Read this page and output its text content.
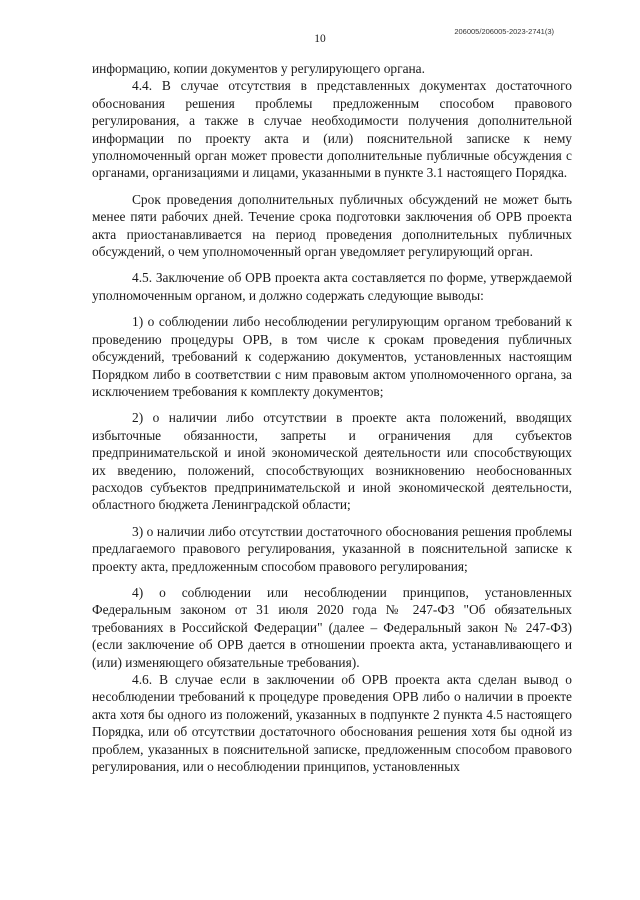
206005/206005-2023-2741(3)
10

информацию, копии документов у регулирующего органа.

4.4. В случае отсутствия в представленных документах достаточного обоснования решения проблемы предложенным способом правового регулирования, а также в случае необходимости получения дополнительной информации по проекту акта и (или) пояснительной записке к нему уполномоченный орган может провести дополнительные публичные обсуждения с органами, организациями и лицами, указанными в пункте 3.1 настоящего Порядка.

Срок проведения дополнительных публичных обсуждений не может быть менее пяти рабочих дней. Течение срока подготовки заключения об ОРВ проекта акта приостанавливается на период проведения дополнительных публичных обсуждений, о чем уполномоченный орган уведомляет регулирующий орган.

4.5. Заключение об ОРВ проекта акта составляется по форме, утверждаемой уполномоченным органом, и должно содержать следующие выводы:

1) о соблюдении либо несоблюдении регулирующим органом требований к проведению процедуры ОРВ, в том числе к срокам проведения публичных обсуждений, требований к содержанию документов, установленных настоящим Порядком либо в соответствии с ним правовым актом уполномоченного органа, за исключением требования к комплекту документов;

2) о наличии либо отсутствии в проекте акта положений, вводящих избыточные обязанности, запреты и ограничения для субъектов предпринимательской и иной экономической деятельности или способствующих их введению, положений, способствующих возникновению необоснованных расходов субъектов предпринимательской и иной экономической деятельности, областного бюджета Ленинградской области;

3) о наличии либо отсутствии достаточного обоснования решения проблемы предлагаемого правового регулирования, указанной в пояснительной записке к проекту акта, предложенным способом правового регулирования;

4) о соблюдении или несоблюдении принципов, установленных Федеральным законом от 31 июля 2020 года № 247-ФЗ "Об обязательных требованиях в Российской Федерации" (далее – Федеральный закон № 247-ФЗ) (если заключение об ОРВ дается в отношении проекта акта, устанавливающего и (или) изменяющего обязательные требования).

4.6. В случае если в заключении об ОРВ проекта акта сделан вывод о несоблюдении требований к процедуре проведения ОРВ либо о наличии в проекте акта хотя бы одного из положений, указанных в подпункте 2 пункта 4.5 настоящего Порядка, или об отсутствии достаточного обоснования решения хотя бы одной из проблем, указанных в пояснительной записке, предложенным способом правового регулирования, или о несоблюдении принципов, установленных
